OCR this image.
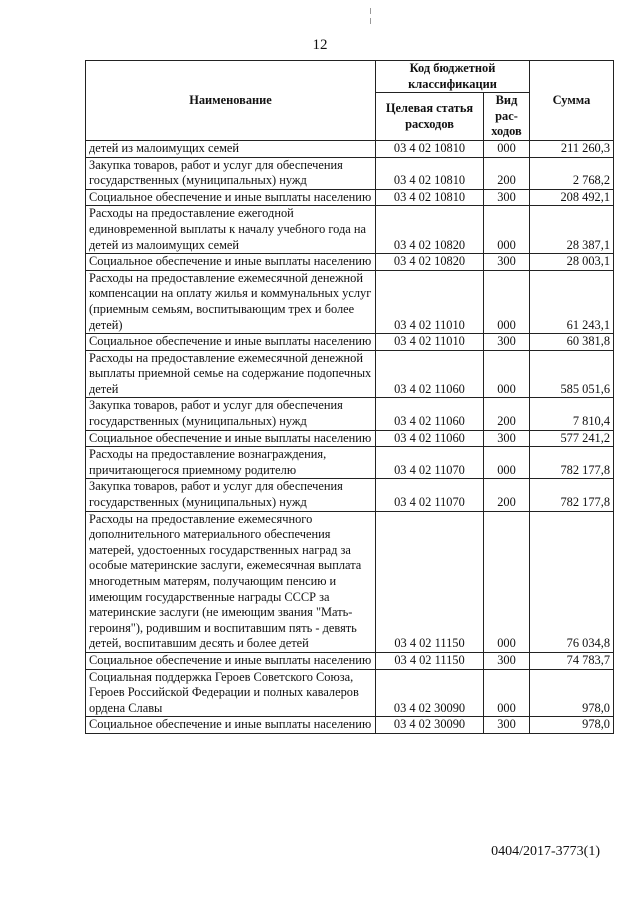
12
Наименование	Код бюджетной классификации		Сумма
	Целевая статья расходов	Вид рас- ходов	
детей из малоимущих семей	03 4 02 10810	000	211 260,3
Закупка товаров, работ и услуг для обеспечения государственных (муниципальных) нужд	03 4 02 10810	200	2 768,2
Социальное обеспечение и иные выплаты населению	03 4 02 10810	300	208 492,1
Расходы на предоставление ежегодной единовременной выплаты к началу учебного года на детей из малоимущих семей	03 4 02 10820	000	28 387,1
Социальное обеспечение и иные выплаты населению	03 4 02 10820	300	28 003,1
Расходы на предоставление ежемесячной денежной компенсации на оплату жилья и коммунальных услуг (приемным семьям, воспитывающим трех и более детей)	03 4 02 11010	000	61 243,1
Социальное обеспечение и иные выплаты населению	03 4 02 11010	300	60 381,8
Расходы на предоставление ежемесячной денежной выплаты приемной семье на содержание подопечных детей	03 4 02 11060	000	585 051,6
Закупка товаров, работ и услуг для обеспечения государственных (муниципальных) нужд	03 4 02 11060	200	7 810,4
Социальное обеспечение и иные выплаты населению	03 4 02 11060	300	577 241,2
Расходы на предоставление вознаграждения, причитающегося приемному родителю	03 4 02 11070	000	782 177,8
Закупка товаров, работ и услуг для обеспечения государственных (муниципальных) нужд	03 4 02 11070	200	782 177,8
Расходы на предоставление ежемесячного дополнительного материального обеспечения матерей, удостоенных государственных наград за особые материнские заслуги, ежемесячная выплата многодетным матерям, получающим пенсию и имеющим государственные награды СССР за материнские заслуги (не имеющим звания "Мать-героиня"), родившим и воспитавшим пять - девять детей, воспитавшим десять и более детей	03 4 02 11150	000	76 034,8
Социальное обеспечение и иные выплаты населению	03 4 02 11150	300	74 783,7
Социальная поддержка Героев Советского Союза, Героев Российской Федерации и полных кавалеров ордена Славы	03 4 02 30090	000	978,0
Социальное обеспечение и иные выплаты населению	03 4 02 30090	300	978,0
0404/2017-3773(1)
